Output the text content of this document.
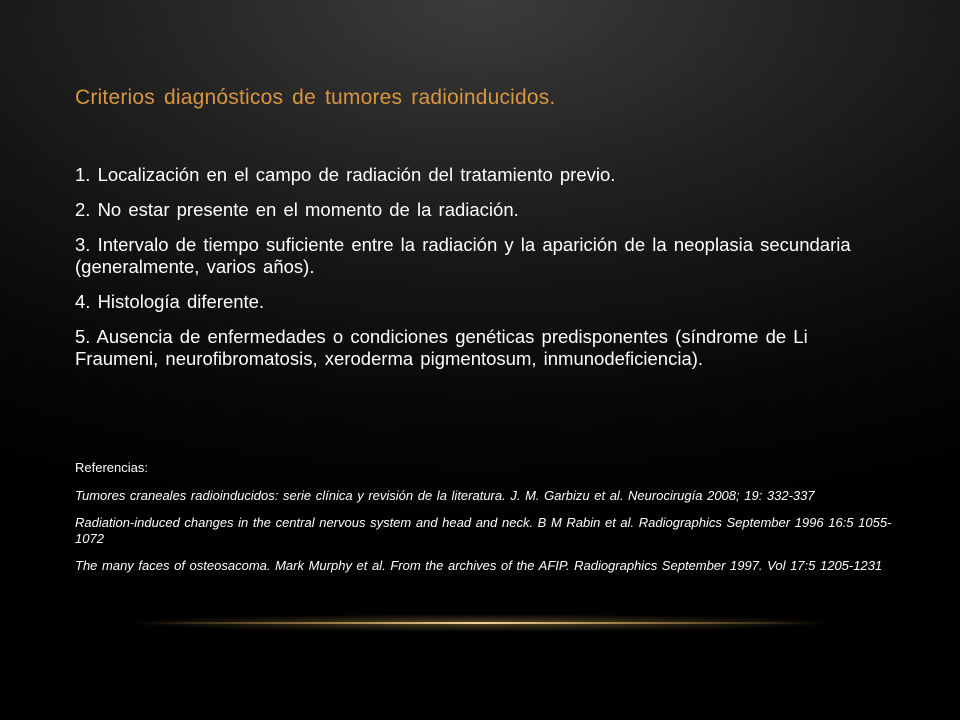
Criterios diagnósticos de tumores radioinducidos.
1. Localización en el campo de radiación del tratamiento previo.
2. No estar presente en el momento de la radiación.
3. Intervalo de tiempo suficiente entre la radiación y la aparición de la neoplasia secundaria (generalmente, varios años).
4. Histología diferente.
5. Ausencia de enfermedades o condiciones genéticas predisponentes (síndrome de Li Fraumeni, neurofibromatosis, xeroderma pigmentosum, inmunodeficiencia).

Referencias:

Tumores craneales radioinducidos: serie clínica y revisión de la literatura. J. M. Garbizu et al. Neurocirugía 2008; 19: 332-337
Radiation-induced changes in the central nervous system and head and neck. B M Rabin et al. Radiographics September 1996 16:5 1055-1072
The many faces of osteosacoma. Mark Murphy et al. From the archives of the AFIP. Radiographics September 1997. Vol 17:5 1205-1231
